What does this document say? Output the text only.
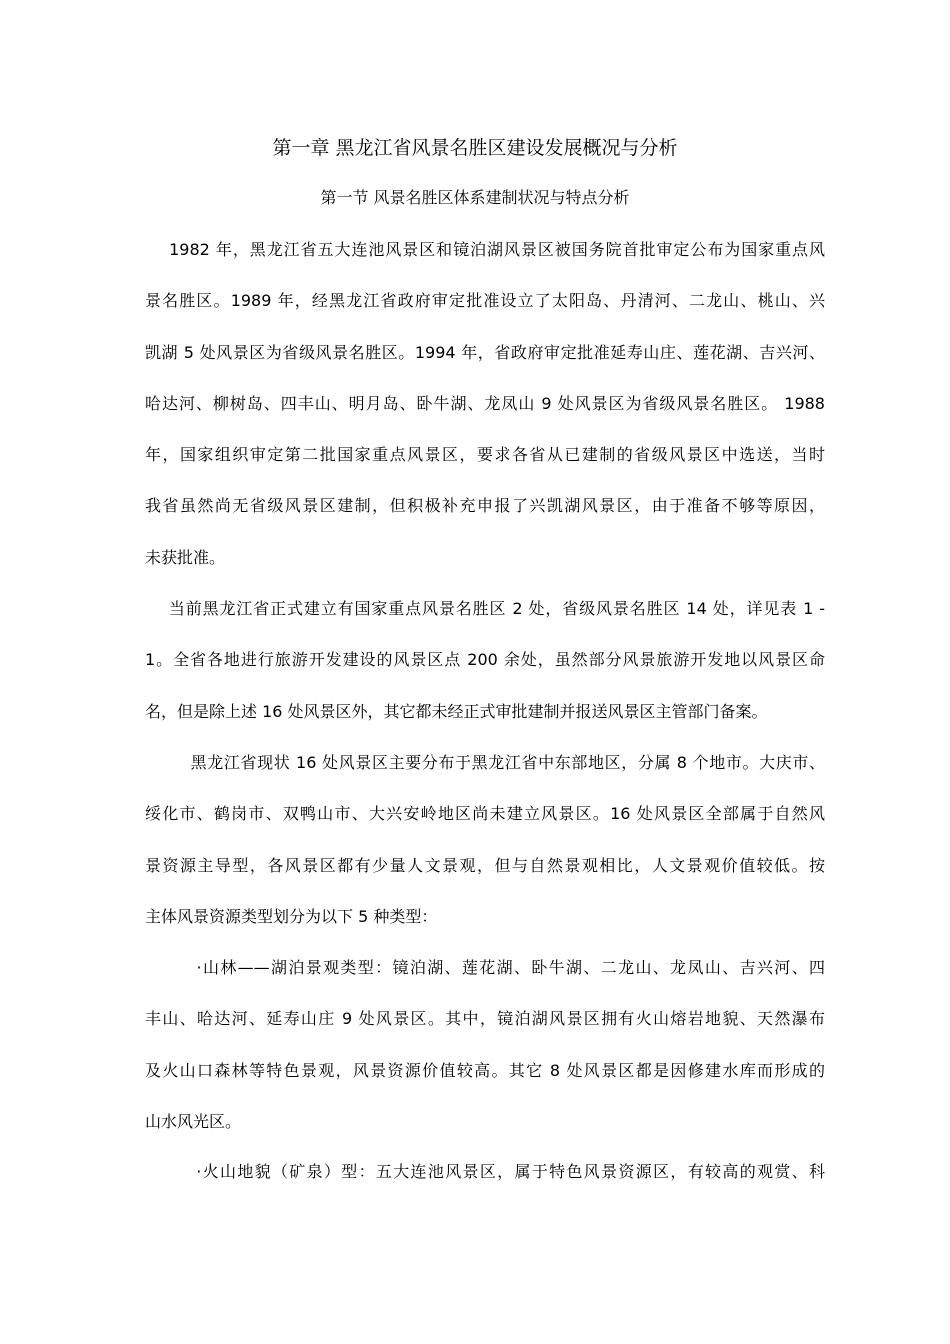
第一章 黑龙江省风景名胜区建设发展概况与分析
第一节 风景名胜区体系建制状况与特点分析
1982 年，黑龙江省五大连池风景区和镜泊湖风景区被国务院首批审定公布为国家重点风
景名胜区。1989 年，经黑龙江省政府审定批准设立了太阳岛、丹清河、二龙山、桃山、兴
凯湖 5 处风景区为省级风景名胜区。1994 年，省政府审定批准延寿山庄、莲花湖、吉兴河、
哈达河、柳树岛、四丰山、明月岛、卧牛湖、龙凤山 9 处风景区为省级风景名胜区。 1988
年，国家组织审定第二批国家重点风景区，要求各省从已建制的省级风景区中选送，当时
我省虽然尚无省级风景区建制，但积极补充申报了兴凯湖风景区，由于准备不够等原因，
未获批准。
当前黑龙江省正式建立有国家重点风景名胜区 2 处，省级风景名胜区 14 处，详见表 1 -
1。全省各地进行旅游开发建设的风景区点 200 余处，虽然部分风景旅游开发地以风景区命
名，但是除上述 16 处风景区外，其它都未经正式审批建制并报送风景区主管部门备案。
黑龙江省现状 16 处风景区主要分布于黑龙江省中东部地区，分属 8 个地市。大庆市、
绥化市、鹤岗市、双鸭山市、大兴安岭地区尚未建立风景区。16 处风景区全部属于自然风
景资源主导型，各风景区都有少量人文景观，但与自然景观相比，人文景观价值较低。按
主体风景资源类型划分为以下 5 种类型：
·山林——湖泊景观类型：镜泊湖、莲花湖、卧牛湖、二龙山、龙凤山、吉兴河、四
丰山、哈达河、延寿山庄 9 处风景区。其中，镜泊湖风景区拥有火山熔岩地貌、天然瀑布
及火山口森林等特色景观，风景资源价值较高。其它 8 处风景区都是因修建水库而形成的
山水风光区。
·火山地貌（矿泉）型：五大连池风景区，属于特色风景资源区，有较高的观赏、科
